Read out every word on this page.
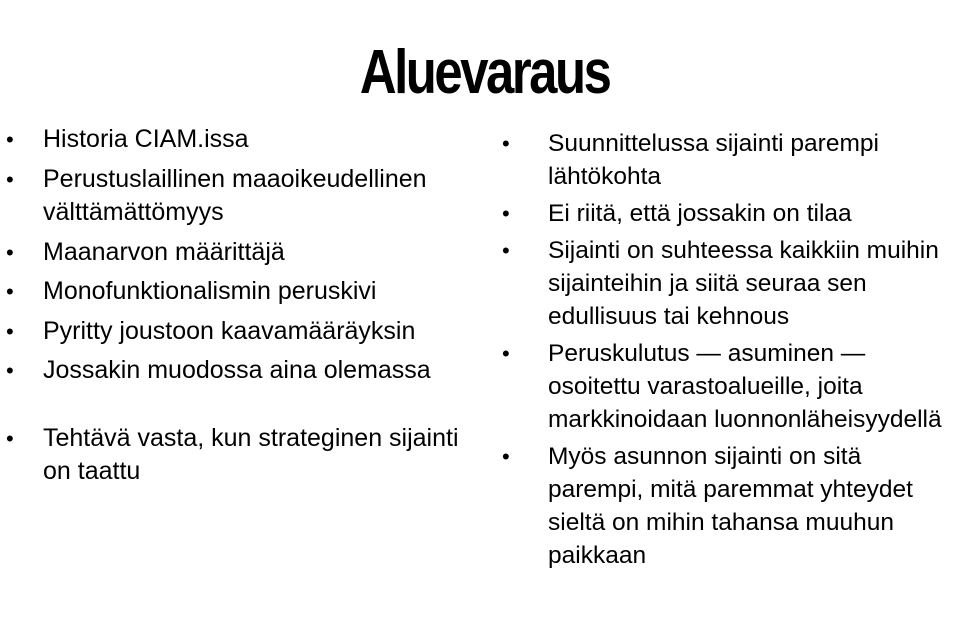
Aluevaraus
• Historia CIAM.issa
• Perustuslaillinen maaoikeudellinen välttämättömyys
• Maanarvon määrittäjä
• Monofunktionalismin peruskivi
• Pyritty joustoon kaavamääräyksin
• Jossakin muodossa aina olemassa
• Tehtävä vasta, kun strateginen sijainti on taattu
• Suunnittelussa sijainti parempi lähtökohta
• Ei riitä, että jossakin on tilaa
• Sijainti on suhteessa kaikkiin muihin sijainteihin ja siitä seuraa sen edullisuus tai kehnous
• Peruskulutus — asuminen — osoitettu varastoalueille, joita markkinoidaan luonnonläheisyydellä
• Myös asunnon sijainti on sitä parempi, mitä paremmat yhteydet sieltä on mihin tahansa muuhun paikkaan
